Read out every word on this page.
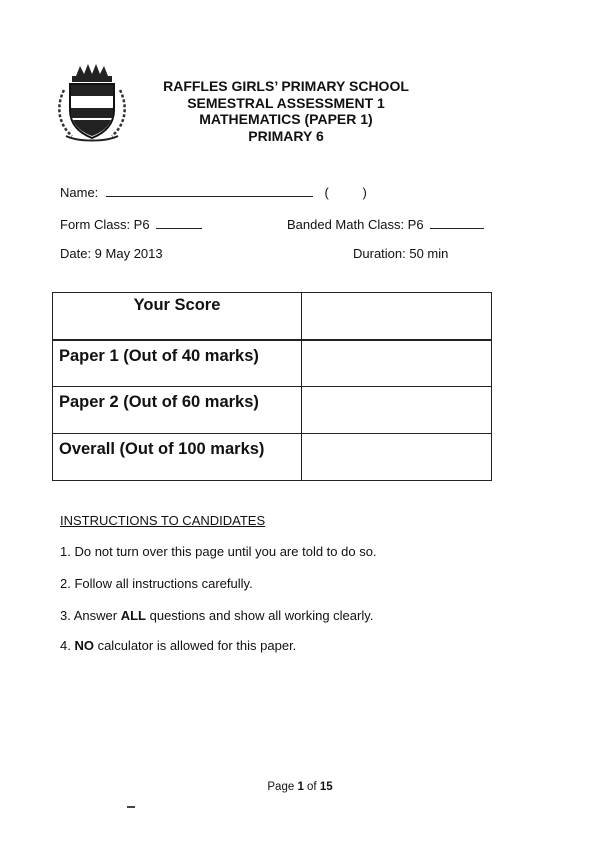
RAFFLES GIRLS’ PRIMARY SCHOOL
SEMESTRAL ASSESSMENT 1
MATHEMATICS (PAPER 1)
PRIMARY 6
Name:	(	)
Form Class: P6	Banded Math Class: P6
Date: 9 May 2013	Duration: 50 min
Your Score	
Paper 1 (Out of 40 marks)	
Paper 2 (Out of 60 marks)	
Overall (Out of 100 marks)	
INSTRUCTIONS TO CANDIDATES
1. Do not turn over this page until you are told to do so.
2. Follow all instructions carefully.
3. Answer ALL questions and show all working clearly.
4. NO calculator is allowed for this paper.
Page 1 of 15
